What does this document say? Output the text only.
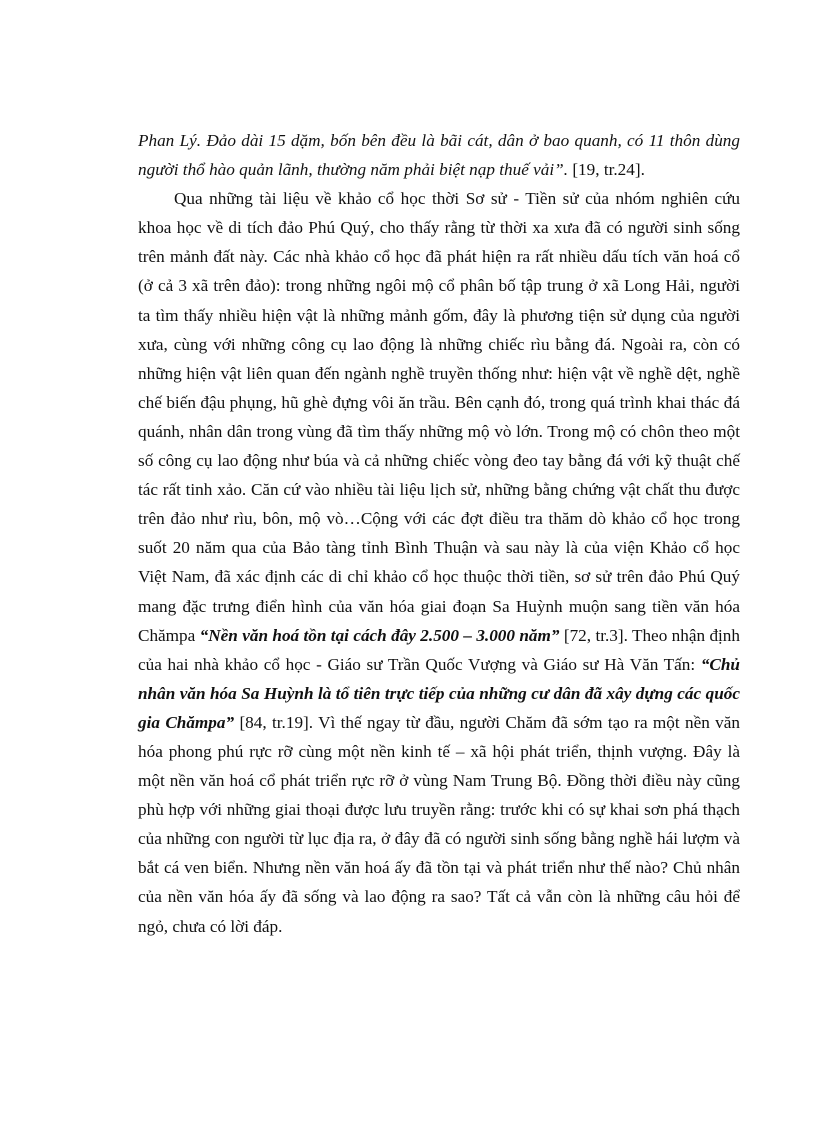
Phan Lý. Đảo dài 15 dặm, bốn bên đều là bãi cát, dân ở bao quanh, có 11 thôn dùng người thổ hào quản lãnh, thường năm phải biệt nạp thuế vải”. [19, tr.24].

Qua những tài liệu về khảo cổ học thời Sơ sử - Tiền sử của nhóm nghiên cứu khoa học về di tích đảo Phú Quý, cho thấy rằng từ thời xa xưa đã có người sinh sống trên mảnh đất này. Các nhà khảo cổ học đã phát hiện ra rất nhiều dấu tích văn hoá cổ (ở cả 3 xã trên đảo): trong những ngôi mộ cổ phân bố tập trung ở xã Long Hải, người ta tìm thấy nhiều hiện vật là những mảnh gốm, đây là phương tiện sử dụng của người xưa, cùng với những công cụ lao động là những chiếc rìu bằng đá. Ngoài ra, còn có những hiện vật liên quan đến ngành nghề truyền thống như: hiện vật về nghề dệt, nghề chế biến đậu phụng, hũ ghè đựng vôi ăn trầu. Bên cạnh đó, trong quá trình khai thác đá quánh, nhân dân trong vùng đã tìm thấy những mộ vò lớn. Trong mộ có chôn theo một số công cụ lao động như búa và cả những chiếc vòng đeo tay bằng đá với kỹ thuật chế tác rất tinh xảo. Căn cứ vào nhiều tài liệu lịch sử, những bằng chứng vật chất thu được trên đảo như rìu, bôn, mộ vò…Cộng với các đợt điều tra thăm dò khảo cổ học trong suốt 20 năm qua của Bảo tàng tỉnh Bình Thuận và sau này là của viện Khảo cổ học Việt Nam, đã xác định các di chỉ khảo cổ học thuộc thời tiền, sơ sử trên đảo Phú Quý mang đặc trưng điển hình của văn hóa giai đoạn Sa Huỳnh muộn sang tiền văn hóa Chămpa “Nền văn hoá tồn tại cách đây 2.500 – 3.000 năm” [72, tr.3]. Theo nhận định của hai nhà khảo cổ học - Giáo sư Trần Quốc Vượng và Giáo sư Hà Văn Tấn: “Chủ nhân văn hóa Sa Huỳnh là tổ tiên trực tiếp của những cư dân đã xây dựng các quốc gia Chămpa” [84, tr.19]. Vì thế ngay từ đầu, người Chăm đã sớm tạo ra một nền văn hóa phong phú rực rỡ cùng một nền kinh tế – xã hội phát triển, thịnh vượng. Đây là một nền văn hoá cổ phát triển rực rỡ ở vùng Nam Trung Bộ. Đồng thời điều này cũng phù hợp với những giai thoại được lưu truyền rằng: trước khi có sự khai sơn phá thạch của những con người từ lục địa ra, ở đây đã có người sinh sống bằng nghề hái lượm và bắt cá ven biển. Nhưng nền văn hoá ấy đã tồn tại và phát triển như thế nào? Chủ nhân của nền văn hóa ấy đã sống và lao động ra sao? Tất cả vẫn còn là những câu hỏi để ngỏ, chưa có lời đáp.
